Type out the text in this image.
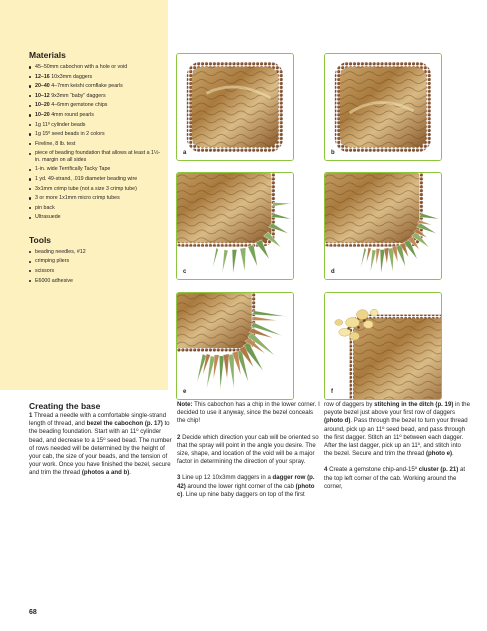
Materials
45–50mm cabochon with a hole or void
12–16 10x3mm daggers
20–40 4–7mm keishi cornflake pearls
10–12 9x3mm “baby” daggers
10–20 4–6mm gemstone chips
10–20 4mm round pearls
1g 11º cylinder beads
1g 15º seed beads in 2 colors
Fireline, 8 lb. test
piece of beading foundation that allows at least a 1½-in. margin on all sides
1-in. wide Terrifically Tacky Tape
1 yd. 49-strand, .019 diameter beading wire
3x1mm crimp tube (not a size 3 crimp tube)
3 or more 1x1mm micro crimp tubes
pin back
Ultrasuede
Tools
beading needles, #12
crimping pliers
scissors
E6000 adhesive
a	b
c	d
e	f
Creating the base

1 Thread a needle with a comfortable single-strand length of thread, and bezel the cabochon (p. 17) to the beading foundation. Start with an 11º cylinder bead, and decrease to a 15º seed bead. The number of rows needed will be determined by the height of your cab, the size of your beads, and the tension of your work. Once you have finished the bezel, secure and trim the thread (photos a and b).

Note: This cabochon has a chip in the lower corner. I decided to use it anyway, since the bezel conceals the chip!

2 Decide which direction your cab will be oriented so that the spray will point in the angle you desire. The size, shape, and location of the void will be a major factor in determining the direction of your spray.

3 Line up 12 10x3mm daggers in a dagger row (p. 42) around the lower right corner of the cab (photo c). Line up nine baby daggers on top of the first

row of daggers by stitching in the ditch (p. 19) in the peyote bezel just above your first row of daggers (photo d). Pass through the bezel to turn your thread around, pick up an 11º seed bead, and pass through the first dagger. Stitch an 11º between each dagger. After the last dagger, pick up an 11º, and stitch into the bezel. Secure and trim the thread (photo e).

4 Create a gemstone chip-and-15º cluster (p. 21) at the top left corner of the cab. Working around the corner,

68
